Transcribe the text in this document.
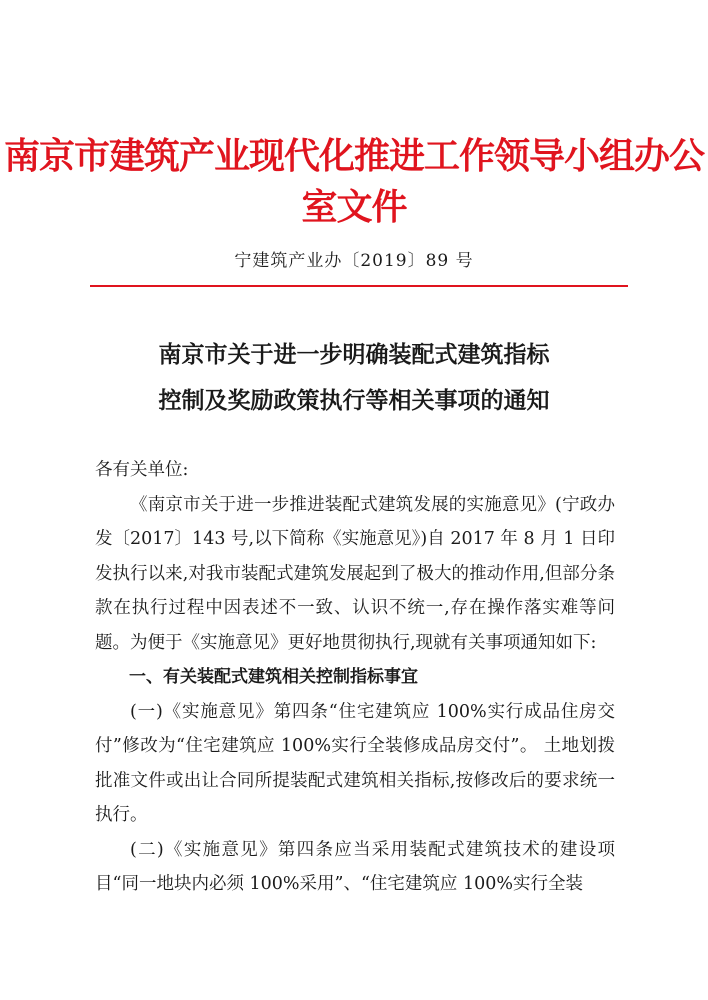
南京市建筑产业现代化推进工作领导小组办公室文件
宁建筑产业办〔2019〕89 号
南京市关于进一步明确装配式建筑指标
控制及奖励政策执行等相关事项的通知

各有关单位:

《南京市关于进一步推进装配式建筑发展的实施意见》(宁政办发〔2017〕143 号,以下简称《实施意见》)自 2017 年 8 月 1 日印发执行以来,对我市装配式建筑发展起到了极大的推动作用,但部分条款在执行过程中因表述不一致、认识不统一,存在操作落实难等问题。为便于《实施意见》更好地贯彻执行,现就有关事项通知如下:

一、有关装配式建筑相关控制指标事宜

(一)《实施意见》第四条“住宅建筑应 100%实行成品住房交付”修改为“住宅建筑应 100%实行全装修成品房交付”。 土地划拨批准文件或出让合同所提装配式建筑相关指标,按修改后的要求统一执行。

(二)《实施意见》第四条应当采用装配式建筑技术的建设项目“同一地块内必须 100%采用”、“住宅建筑应 100%实行全装
